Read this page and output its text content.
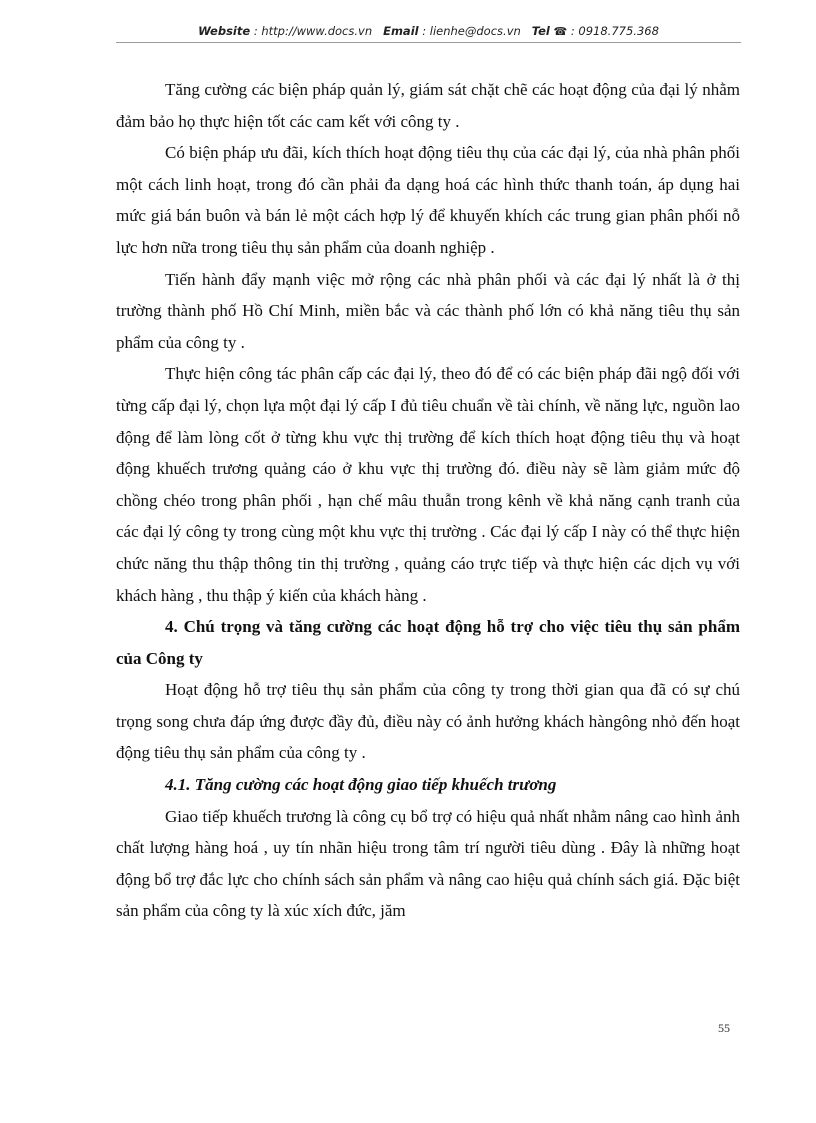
Website : http://www.docs.vn Email : lienhe@docs.vn Tel ☎ : 0918.775.368

Tăng cường các biện pháp quản lý, giám sát chặt chẽ các hoạt động của đại lý nhằm đảm bảo họ thực hiện tốt các cam kết với công ty .

Có biện pháp ưu đãi, kích thích hoạt động tiêu thụ của các đại lý, của nhà phân phối một cách linh hoạt, trong đó cần phải đa dạng hoá các hình thức thanh toán, áp dụng hai mức giá bán buôn và bán lẻ một cách hợp lý để khuyến khích các trung gian phân phối nỗ lực hơn nữa trong tiêu thụ sản phẩm của doanh nghiệp .

Tiến hành đẩy mạnh việc mở rộng các nhà phân phối và các đại lý nhất là ở thị trường thành phố Hồ Chí Minh, miền bắc và các thành phố lớn có khả năng tiêu thụ sản phẩm của công ty .

Thực hiện công tác phân cấp các đại lý, theo đó để có các biện pháp đãi ngộ đối với từng cấp đại lý, chọn lựa một đại lý cấp I đủ tiêu chuẩn về tài chính, về năng lực, nguồn lao động để làm lòng cốt ở từng khu vực thị trường để kích thích hoạt động tiêu thụ và hoạt động khuếch trương quảng cáo ở khu vực thị trường đó. điều này sẽ làm giảm mức độ chồng chéo trong phân phối , hạn chế mâu thuẫn trong kênh về khả năng cạnh tranh của các đại lý công ty trong cùng một khu vực thị trường . Các đại lý cấp I này có thể thực hiện chức năng thu thập thông tin thị trường , quảng cáo trực tiếp và thực hiện các dịch vụ với khách hàng , thu thập ý kiến của khách hàng .

4. Chú trọng và tăng cường các hoạt động hỗ trợ cho việc tiêu thụ sản phẩm của Công ty

Hoạt động hỗ trợ tiêu thụ sản phẩm của công ty trong thời gian qua đã có sự chú trọng song chưa đáp ứng được đầy đủ, điều này có ảnh hưởng khách hàngông nhỏ đến hoạt động tiêu thụ sản phẩm của công ty .

4.1. Tăng cường các hoạt động giao tiếp khuếch trương

Giao tiếp khuếch trương là công cụ bổ trợ có hiệu quả nhất nhằm nâng cao hình ảnh chất lượng hàng hoá , uy tín nhãn hiệu trong tâm trí người tiêu dùng . Đây là những hoạt động bổ trợ đắc lực cho chính sách sản phẩm và nâng cao hiệu quả chính sách giá. Đặc biệt sản phẩm của công ty là xúc xích đức, jăm

55
